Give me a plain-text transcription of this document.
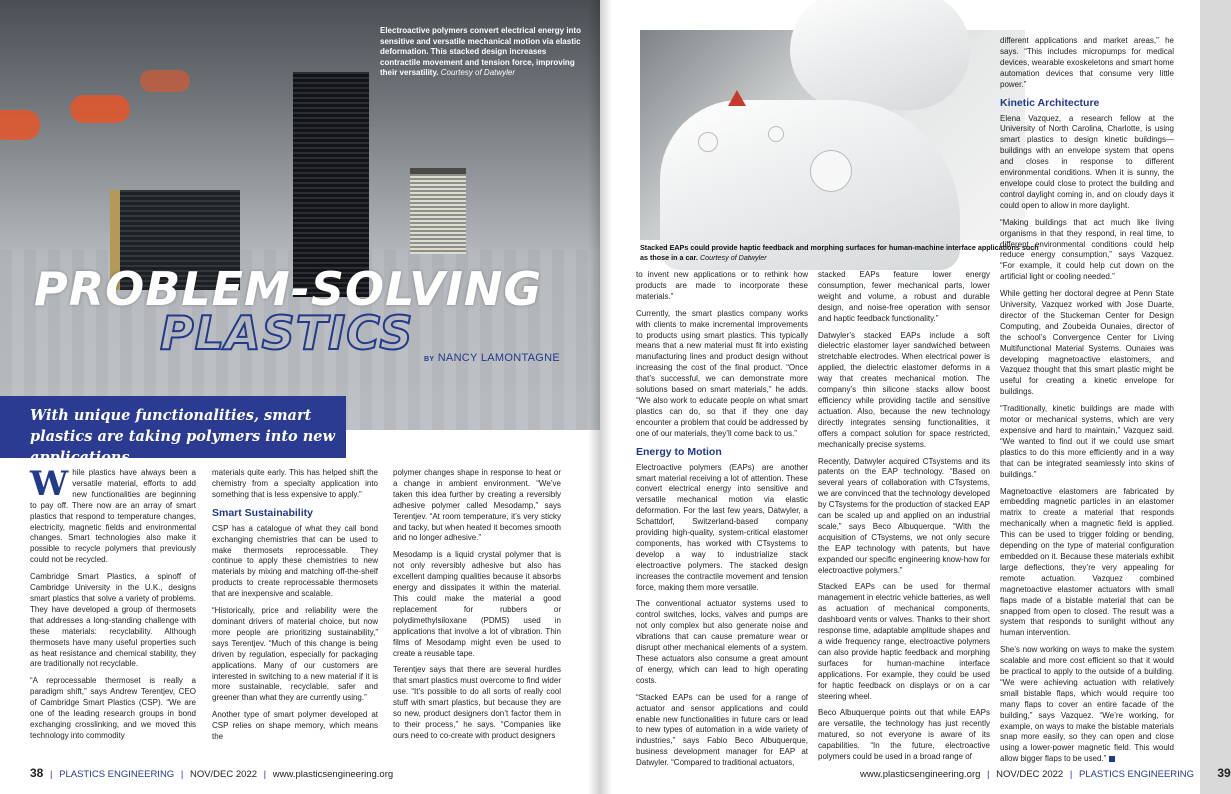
Electroactive polymers convert electrical energy into sensitive and versatile mechanical motion via elastic deformation. This stacked design increases contractile movement and tension force, improving their versatility. Courtesy of Datwyler
PROBLEM-SOLVING
PLASTICS BY NANCY LAMONTAGNE

With unique functionalities, smart plastics are taking polymers into new applications

While plastics have always been a versatile material, efforts to add new functionalities are beginning to pay off. There now are an array of smart plastics that respond to temperature changes, electricity, magnetic fields and environmental changes. Smart technologies also make it possible to recycle polymers that previously could not be recycled.

Cambridge Smart Plastics, a spinoff of Cambridge University in the U.K., designs smart plastics that solve a variety of problems. They have developed a group of thermosets that addresses a long-standing challenge with these materials: recyclability. Although thermosets have many useful properties such as heat resistance and chemical stability, they are traditionally not recyclable.

“A reprocessable thermoset is really a paradigm shift,” says Andrew Terentjev, CEO of Cambridge Smart Plastics (CSP). “We are one of the leading research groups in bond exchanging crosslinking, and we moved this technology into commodity

materials quite early. This has helped shift the chemistry from a specialty application into something that is less expensive to apply.”

Smart Sustainability

CSP has a catalogue of what they call bond exchanging chemistries that can be used to make thermosets reprocessable. They continue to apply these chemistries to new materials by mixing and matching off-the-shelf products to create reprocessable thermosets that are inexpensive and scalable.

“Historically, price and reliability were the dominant drivers of material choice, but now more people are prioritizing sustainability,” says Terentjev. “Much of this change is being driven by regulation, especially for packaging applications. Many of our customers are interested in switching to a new material if it is more sustainable, recyclable, safer and greener than what they are currently using.”

Another type of smart polymer developed at CSP relies on shape memory, which means the

polymer changes shape in response to heat or a change in ambient environment. “We’ve taken this idea further by creating a reversibly adhesive polymer called Mesodamp,” says Terentjev. “At room temperature, it’s very sticky and tacky, but when heated it becomes smooth and no longer adhesive.”

Mesodamp is a liquid crystal polymer that is not only reversibly adhesive but also has excellent damping qualities because it absorbs energy and dissipates it within the material. This could make the material a good replacement for rubbers or polydimethylsiloxane (PDMS) used in applications that involve a lot of vibration. Thin films of Mesodamp might even be used to create a reusable tape.

Terentjev says that there are several hurdles that smart plastics must overcome to find wider use. “It’s possible to do all sorts of really cool stuff with smart plastics, but because they are so new, product designers don’t factor them in to their process,” he says. “Companies like ours need to co-create with product designers

38 | PLASTICS ENGINEERING | NOV/DEC 2022 | www.plasticsengineering.org
Stacked EAPs could provide haptic feedback and morphing surfaces for human-machine interface applications such as those in a car. Courtesy of Datwyler

to invent new applications or to rethink how products are made to incorporate these materials.”

Currently, the smart plastics company works with clients to make incremental improvements to products using smart plastics. This typically means that a new material must fit into existing manufacturing lines and product design without increasing the cost of the final product. “Once that’s successful, we can demonstrate more solutions based on smart materials,” he adds. “We also work to educate people on what smart plastics can do, so that if they one day encounter a problem that could be addressed by one of our materials, they’ll come back to us.”

Energy to Motion

Electroactive polymers (EAPs) are another smart material receiving a lot of attention. These convert electrical energy into sensitive and versatile mechanical motion via elastic deformation. For the last few years, Datwyler, a Schattdorf, Switzerland-based company providing high-quality, system-critical elastomer components, has worked with CTsystems to develop a way to industrialize stack electroactive polymers. The stacked design increases the contractile movement and tension force, making them more versatile.

The conventional actuator systems used to control switches, locks, valves and pumps are not only complex but also generate noise and vibrations that can cause premature wear or disrupt other mechanical elements of a system. These actuators also consume a great amount of energy, which can lead to high operating costs.

“Stacked EAPs can be used for a range of actuator and sensor applications and could enable new functionalities in future cars or lead to new types of automation in a wide variety of industries,” says Fabio Beco Albuquerque, business development manager for EAP at Datwyler. “Compared to traditional actuators,

stacked EAPs feature lower energy consumption, fewer mechanical parts, lower weight and volume, a robust and durable design, and noise-free operation with sensor and haptic feedback functionality.”

Datwyler’s stacked EAPs include a soft dielectric elastomer layer sandwiched between stretchable electrodes. When electrical power is applied, the dielectric elastomer deforms in a way that creates mechanical motion. The company’s thin silicone stacks allow boost efficiency while providing tactile and sensitive actuation. Also, because the new technology directly integrates sensing functionalities, it offers a compact solution for space restricted, mechanically precise systems.

Recently, Datwyler acquired CTsystems and its patents on the EAP technology. “Based on several years of collaboration with CTsystems, we are convinced that the technology developed by CTsystems for the production of stacked EAP can be scaled up and applied on an industrial scale,” says Beco Albuquerque. “With the acquisition of CTsystems, we not only secure the EAP technology with patents, but have expanded our specific engineering know-how for electroactive polymers.”

Stacked EAPs can be used for thermal management in electric vehicle batteries, as well as actuation of mechanical components, dashboard vents or valves. Thanks to their short response time, adaptable amplitude shapes and a wide frequency range, electroactive polymers can also provide haptic feedback and morphing surfaces for human-machine interface applications. For example, they could be used for haptic feedback on displays or on a car steering wheel.

Beco Albuquerque points out that while EAPs are versatile, the technology has just recently matured, so not everyone is aware of its capabilities. “In the future, electroactive polymers could be used in a broad range of

different applications and market areas,” he says. “This includes micropumps for medical devices, wearable exoskeletons and smart home automation devices that consume very little power.”

Kinetic Architecture

Elena Vazquez, a research fellow at the University of North Carolina, Charlotte, is using smart plastics to design kinetic buildings—buildings with an envelope system that opens and closes in response to different environmental conditions. When it is sunny, the envelope could close to protect the building and control daylight coming in, and on cloudy days it could open to allow in more daylight.

“Making buildings that act much like living organisms in that they respond, in real time, to different environmental conditions could help reduce energy consumption,” says Vazquez. “For example, it could help cut down on the artificial light or cooling needed.”

While getting her doctoral degree at Penn State University, Vazquez worked with Jose Duarte, director of the Stuckeman Center for Design Computing, and Zoubeida Ounaies, director of the school’s Convergence Center for Living Multifunctional Material Systems. Ounaies was developing magnetoactive elastomers, and Vazquez thought that this smart plastic might be useful for creating a kinetic envelope for buildings.

“Traditionally, kinetic buildings are made with motor or mechanical systems, which are very expensive and hard to maintain,” Vazquez said. “We wanted to find out if we could use smart plastics to do this more efficiently and in a way that can be integrated seamlessly into skins of buildings.”

Magnetoactive elastomers are fabricated by embedding magnetic particles in an elastomer matrix to create a material that responds mechanically when a magnetic field is applied. This can be used to trigger folding or bending, depending on the type of material configuration embedded on it. Because these materials exhibit large deflections, they’re very appealing for remote actuation. Vazquez combined magnetoactive elastomer actuators with small flaps made of a bistable material that can be snapped from open to closed. The result was a system that responds to sunlight without any human intervention.

She’s now working on ways to make the system scalable and more cost efficient so that it would be practical to apply to the outside of a building. “We were achieving actuation with relatively small bistable flaps, which would require too many flaps to cover an entire facade of the building,” says Vazquez. “We’re working, for example, on ways to make the bistable materials snap more easily, so they can open and close using a lower-power magnetic field. This would allow bigger flaps to be used.”

www.plasticsengineering.org | NOV/DEC 2022 | PLASTICS ENGINEERING 39
